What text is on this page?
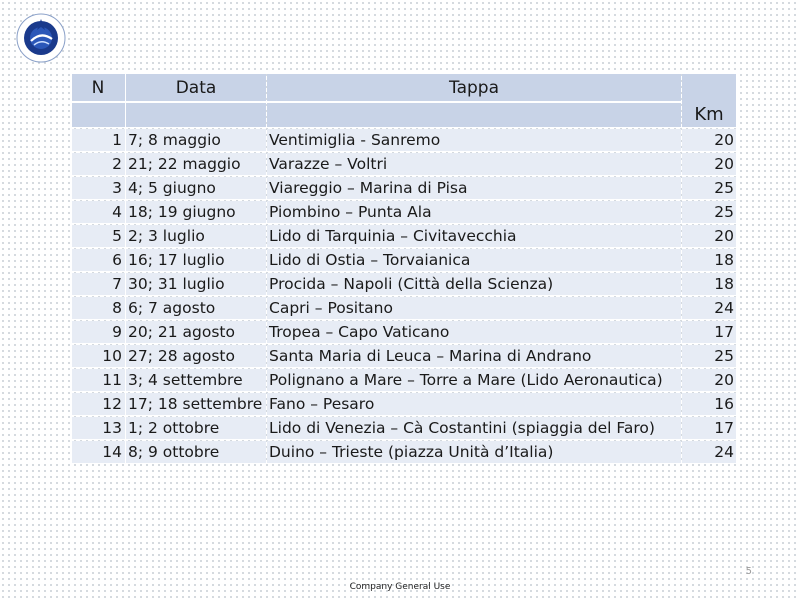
N	Data	Tappa	Km

1	7; 8 maggio	Ventimiglia - Sanremo	20
2	21; 22 maggio	Varazze – Voltri	20
3	4; 5 giugno	Viareggio – Marina di Pisa	25
4	18; 19 giugno	Piombino – Punta Ala	25
5	2; 3 luglio	Lido di Tarquinia – Civitavecchia	20
6	16; 17 luglio	Lido di Ostia – Torvaianica	18
7	30; 31 luglio	Procida – Napoli (Città della Scienza)	18
8	6; 7 agosto	Capri – Positano	24
9	20; 21 agosto	Tropea – Capo Vaticano	17
10	27; 28 agosto	Santa Maria di Leuca – Marina di Andrano	25
11	3; 4 settembre	Polignano a Mare – Torre a Mare (Lido Aeronautica)	20
12	17; 18 settembre	Fano – Pesaro	16
13	1; 2 ottobre	Lido di Venezia – Cà Costantini (spiaggia del Faro)	17
14	8; 9 ottobre	Duino – Trieste (piazza Unità d’Italia)	24
5
Company General Use
